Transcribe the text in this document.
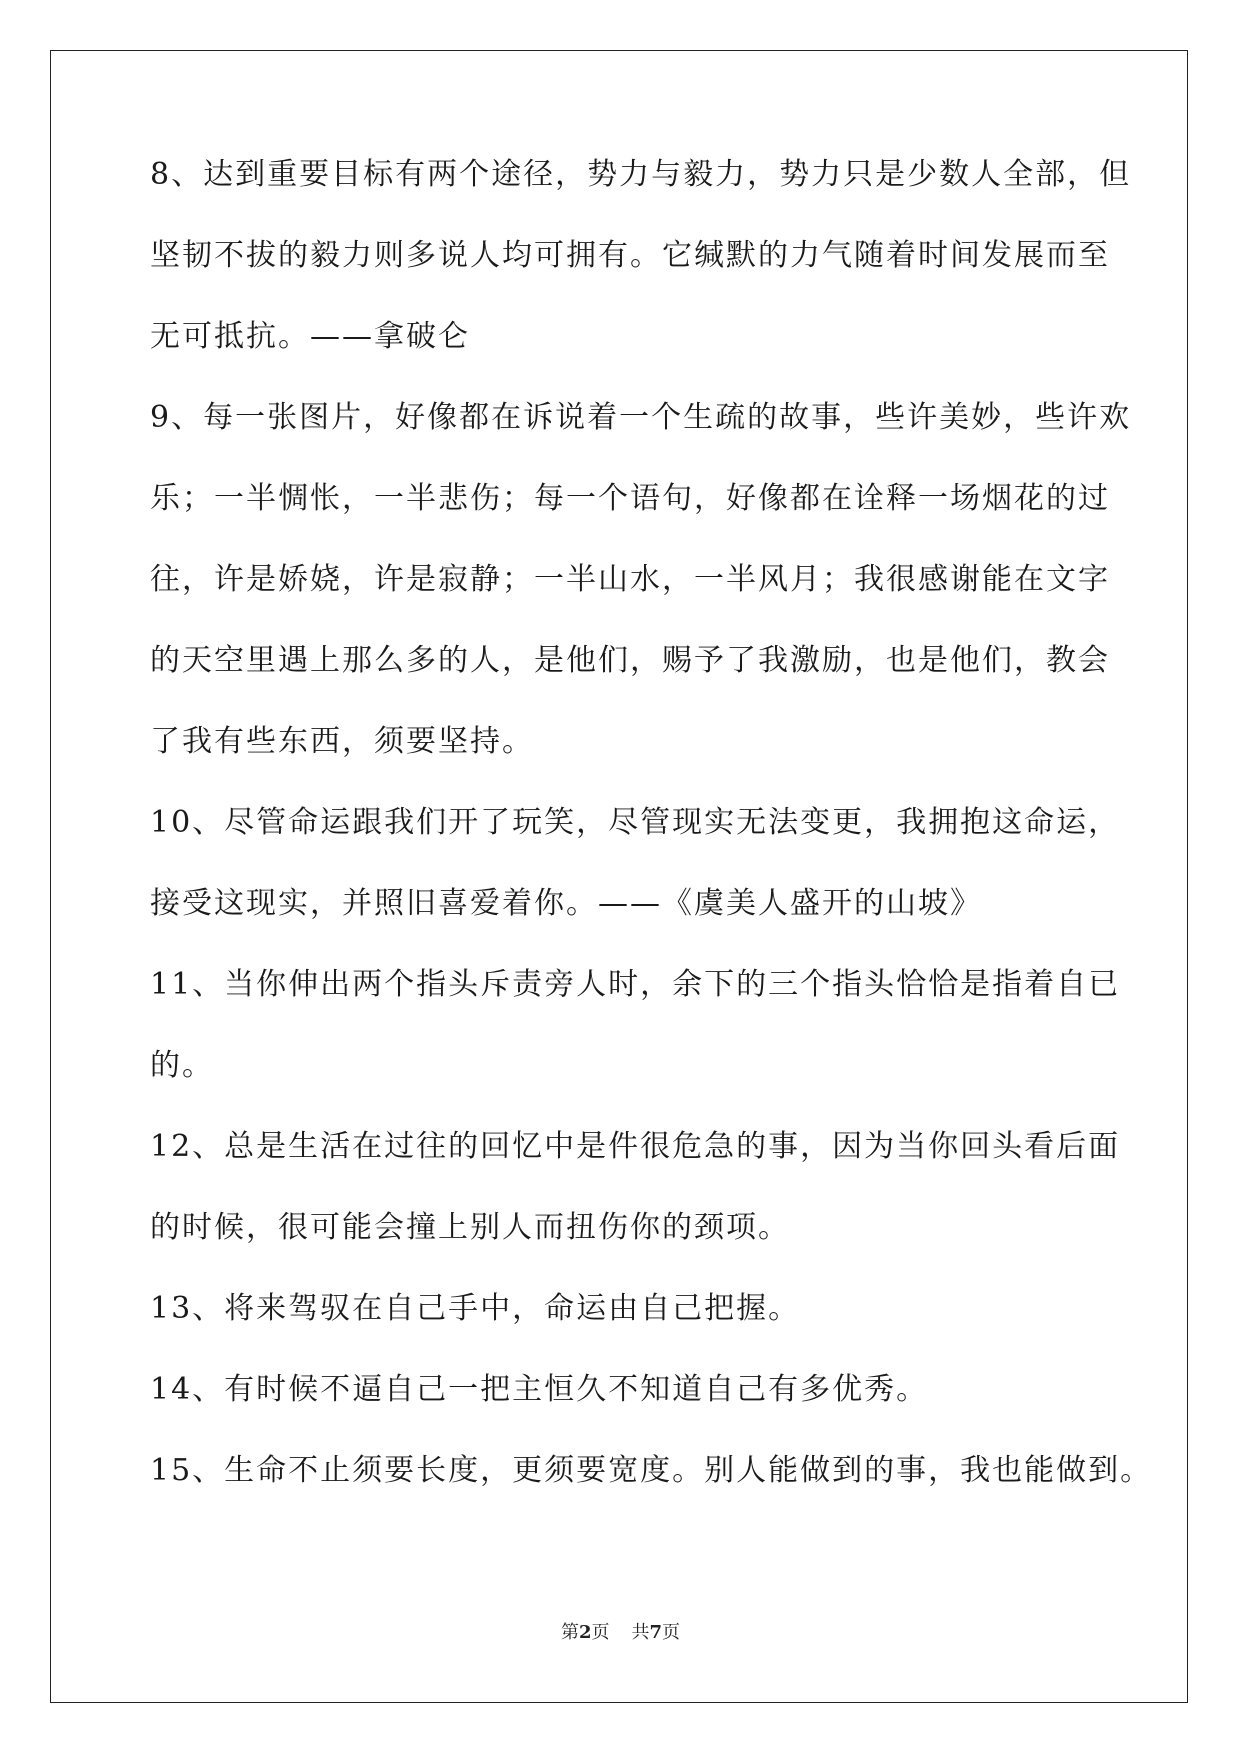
8、达到重要目标有两个途径，势力与毅力，势力只是少数人全部，但
坚韧不拔的毅力则多说人均可拥有。它缄默的力气随着时间发展而至
无可抵抗。——拿破仑
9、每一张图片，好像都在诉说着一个生疏的故事，些许美妙，些许欢
乐；一半惆怅，一半悲伤；每一个语句，好像都在诠释一场烟花的过
往，许是娇娆，许是寂静；一半山水，一半风月；我很感谢能在文字
的天空里遇上那么多的人，是他们，赐予了我激励，也是他们，教会
了我有些东西，须要坚持。
10、尽管命运跟我们开了玩笑，尽管现实无法变更，我拥抱这命运，
接受这现实，并照旧喜爱着你。——《虞美人盛开的山坡》
11、当你伸出两个指头斥责旁人时，余下的三个指头恰恰是指着自已
的。
12、总是生活在过往的回忆中是件很危急的事，因为当你回头看后面
的时候，很可能会撞上别人而扭伤你的颈项。
13、将来驾驭在自己手中，命运由自己把握。
14、有时候不逼自己一把主恒久不知道自己有多优秀。
15、生命不止须要长度，更须要宽度。别人能做到的事，我也能做到。
第2页 共7页
